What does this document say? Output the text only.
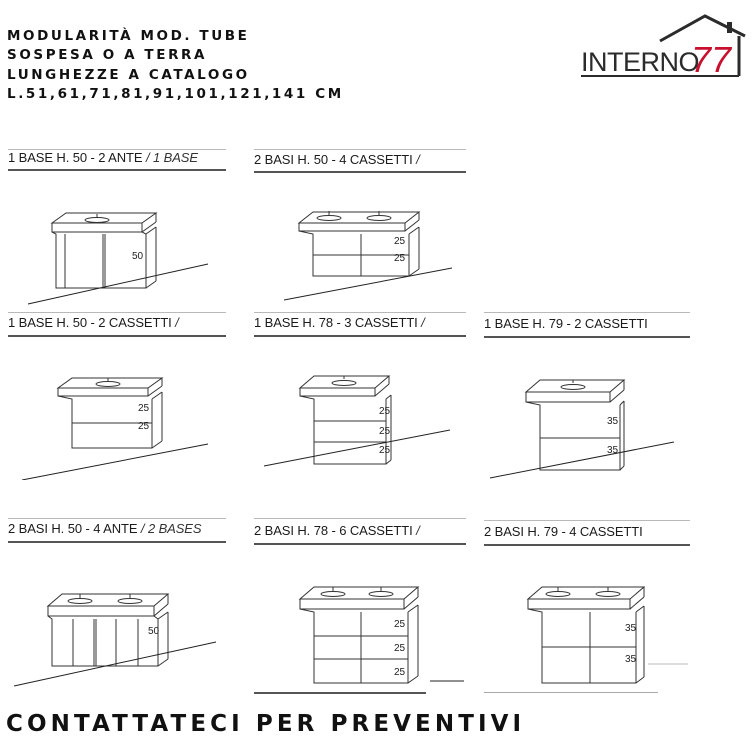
MODULARITÀ MOD. TUBE
SOSPESA O A TERRA
LUNGHEZZE A CATALOGO
L.51,61,71,81,91,101,121,141 CM
INTERNO
77
1 BASE H. 50 - 2 ANTE / 1 BASE
50
2 BASI H. 50 - 4 CASSETTI /
25
25
1 BASE H. 50 - 2 CASSETTI /
25
25
1 BASE H. 78 - 3 CASSETTI /
25
25
25
1 BASE H. 79 - 2 CASSETTI
35
35
2 BASI H. 50 - 4 ANTE / 2 BASES
50
2 BASI H. 78 - 6 CASSETTI /
25
25
25
2 BASI H. 79 - 4 CASSETTI
35
35
CONTATTATECI PER PREVENTIVI
